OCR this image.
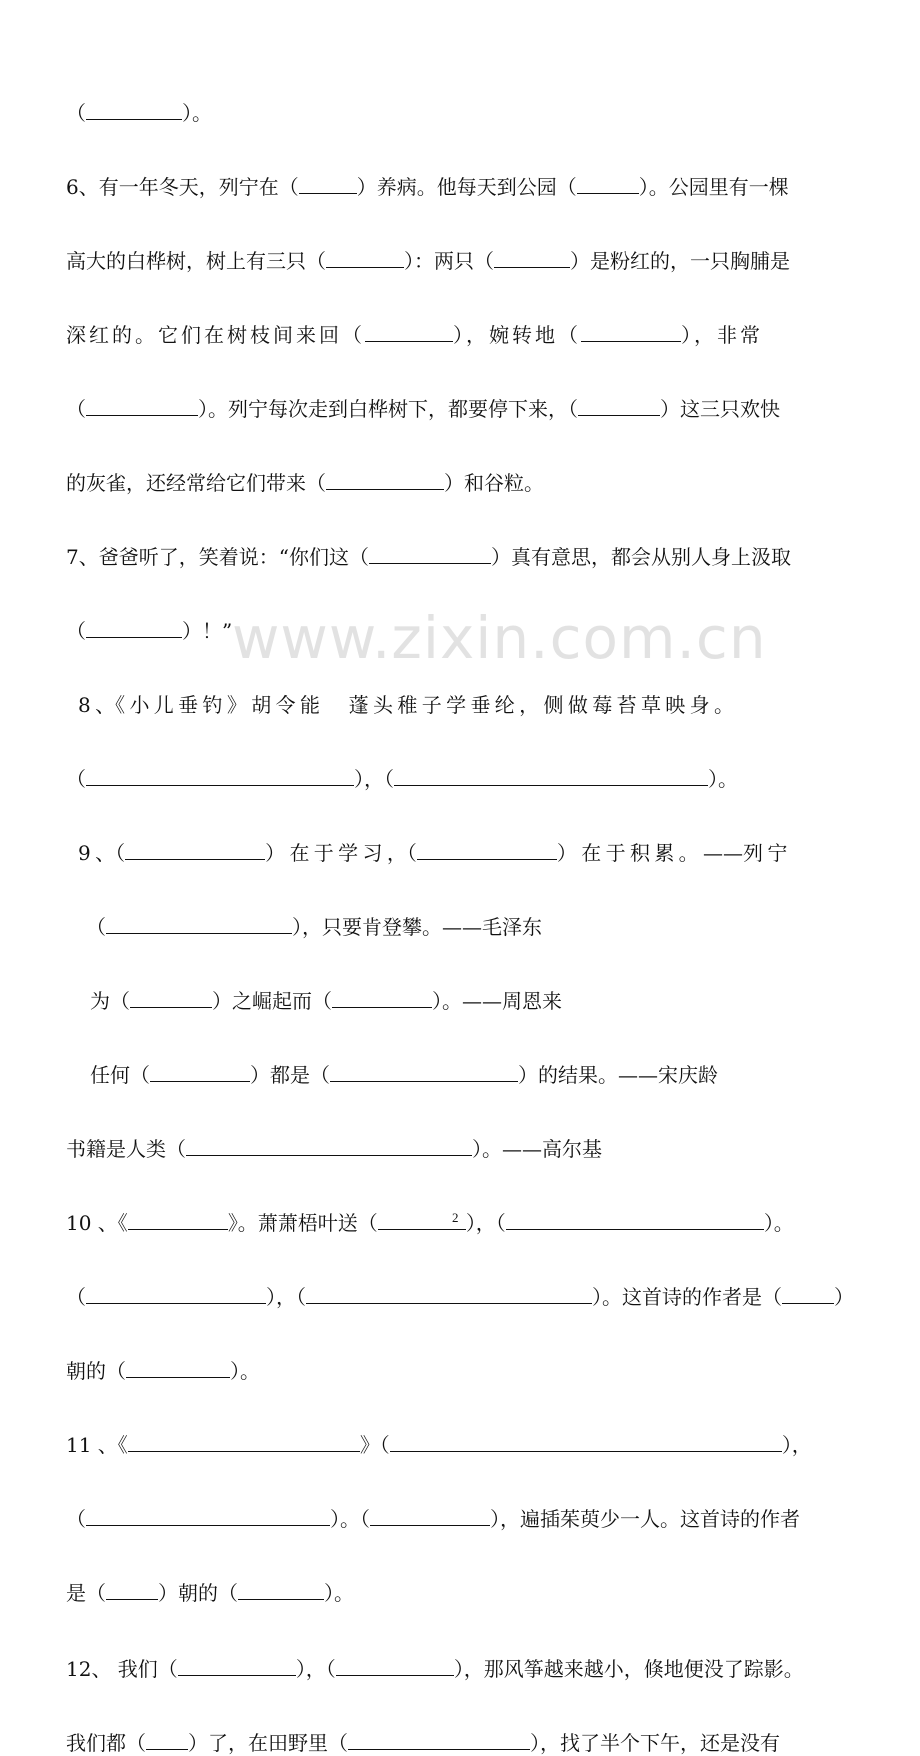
www.zixin.com.cn
（	）。
6、有一年冬天，列宁在（	）养病。他每天到公园（	）。公园里有一棵
高大的白桦树，树上有三只（	）：两只（	）是粉红的，一只胸脯是
深红的。它们在树枝间来回（	），婉转地（	），非常
（	）。列宁每次走到白桦树下，都要停下来，（	）这三只欢快
的灰雀，还经常给它们带来（	）和谷粒。
7、爸爸听了，笑着说：“你们这（	）真有意思，都会从别人身上汲取
（	）！”
8 、《 小 儿 垂 钓 》 胡 令 能 　 蓬 头 稚 子 学 垂 纶 ， 侧 做 莓 苔 草 映 身 。
（	），（	）。
9 、（	） 在 于 学 习 ，（	） 在 于 积 累 。 ——列 宁
（	），只要肯登攀。——毛泽东
为（	）之崛起而（	）。——周恩来
任何（	）都是（	）的结果。——宋庆龄
书籍是人类（	）。——高尔基
10 、《	》。萧萧梧叶送（	），（	）。
（	），（	）。这首诗的作者是（	）
朝的（	）。
11 、《	》（	），
（	）。（	），遍插茱萸少一人。这首诗的作者
是（	）朝的（	）。
12、 我们（	），（	），那风筝越来越小，倏地便没了踪影。
我们都（ ）了，在田野里（	），找了半个下午，还是没有
2
